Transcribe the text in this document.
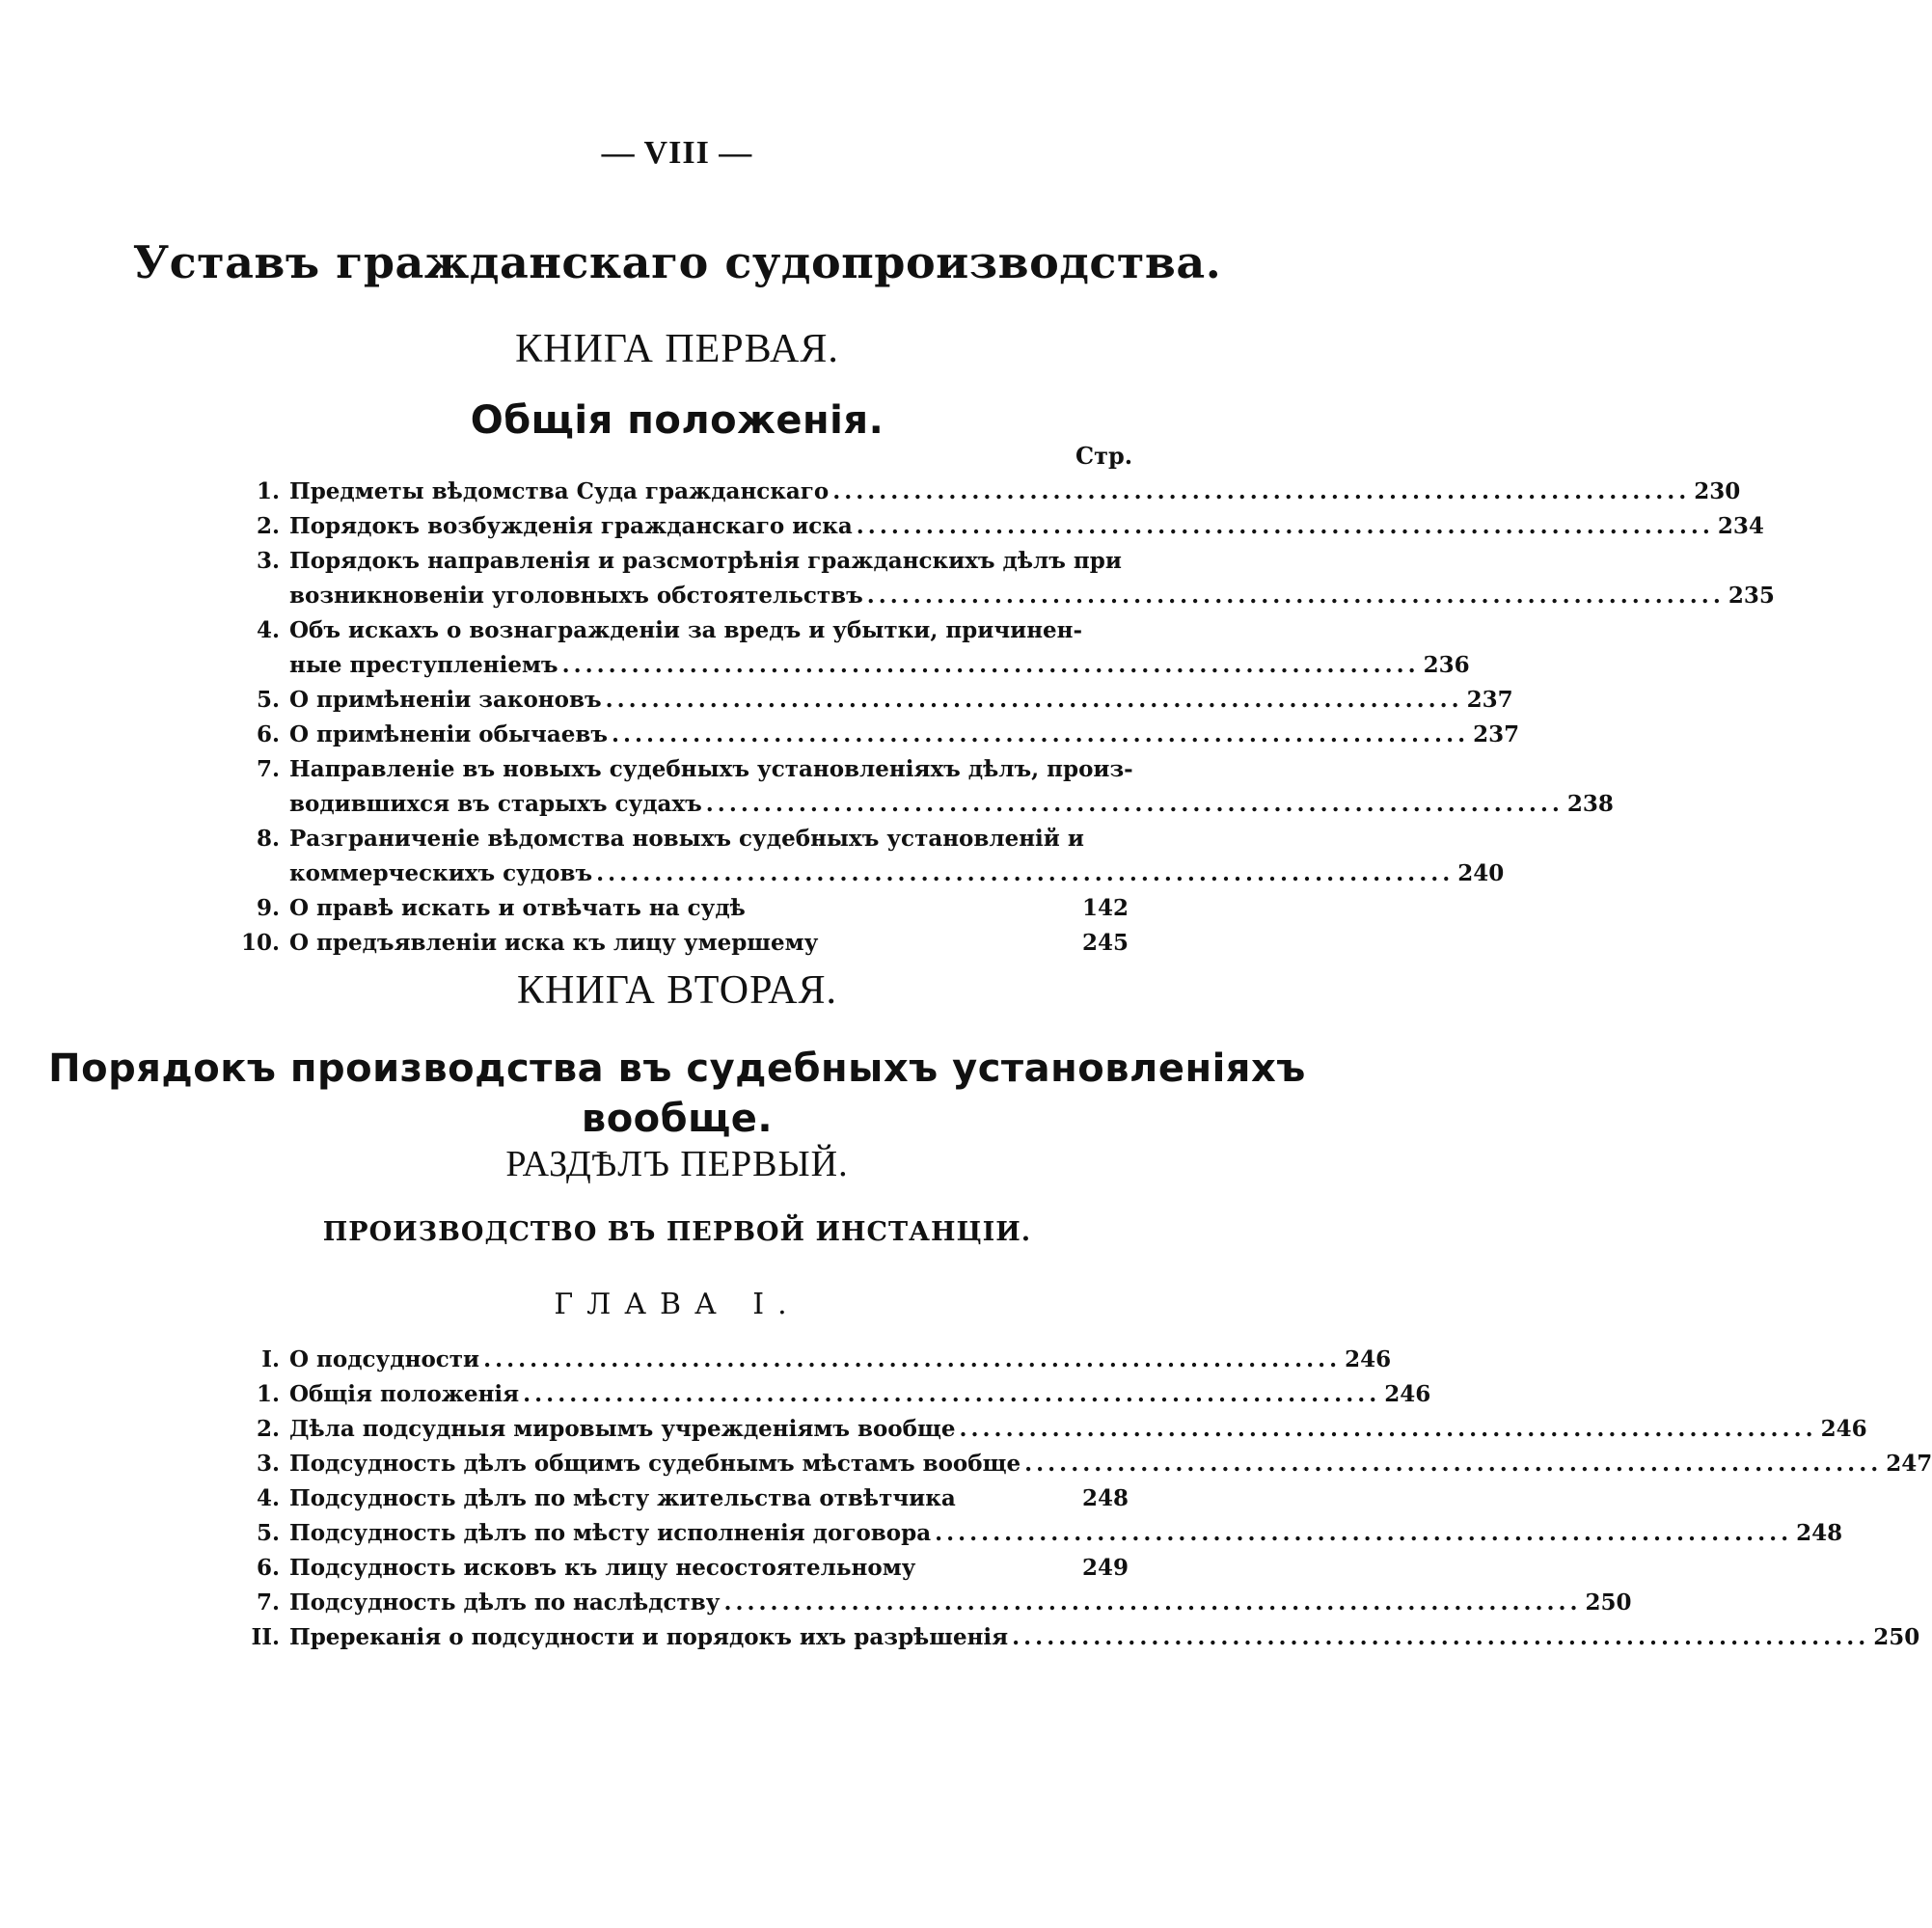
— VIII —
Уставъ гражданскаго судопроизводства.
КНИГА ПЕРВАЯ.
Общія положенія.
Стр.
1. Предметы вѣдомства Суда гражданскаго . . .	230
2. Порядокъ возбужденія гражданскаго иска . . .	234
3. Порядокъ направленія и разсмотрѣнія гражданскихъ дѣлъ при
возникновеніи уголовныхъ обстоятельствъ . . .	235
4. Объ искахъ о вознагражденіи за вредъ и убытки, причинен-
ные преступленіемъ . . .	236
5. О примѣненіи законовъ . . .	237
6. О примѣненіи обычаевъ . . .	237
7. Направленіе въ новыхъ судебныхъ установленіяхъ дѣлъ, произ-
водившихся въ старыхъ судахъ . . .	238
8. Разграниченіе вѣдомства новыхъ судебныхъ установленій и
коммерческихъ судовъ . . .	240
9. О правѣ искать и отвѣчать на судѣ	142
10. О предъявленіи иска къ лицу умершему	245
КНИГА ВТОРАЯ.
Порядокъ производства въ судебныхъ установленіяхъ
вообще.
РАЗДѢЛЪ ПЕРВЫЙ.
ПРОИЗВОДСТВО ВЪ ПЕРВОЙ ИНСТАНЦІИ.
ГЛАВА I.
I. О подсудности . . .	246
1. Общія положенія . . .	246
2. Дѣла подсудныя мировымъ учрежденіямъ вообще . . .	246
3. Подсудность дѣлъ общимъ судебнымъ мѣстамъ вообще . . .	247
4. Подсудность дѣлъ по мѣсту жительства отвѣтчика	248
5. Подсудность дѣлъ по мѣсту исполненія договора . . .	248
6. Подсудность исковъ къ лицу несостоятельному	249
7. Подсудность дѣлъ по наслѣдству . . .	250
II. Пререканія о подсудности и порядокъ ихъ разрѣшенія . . .	250
